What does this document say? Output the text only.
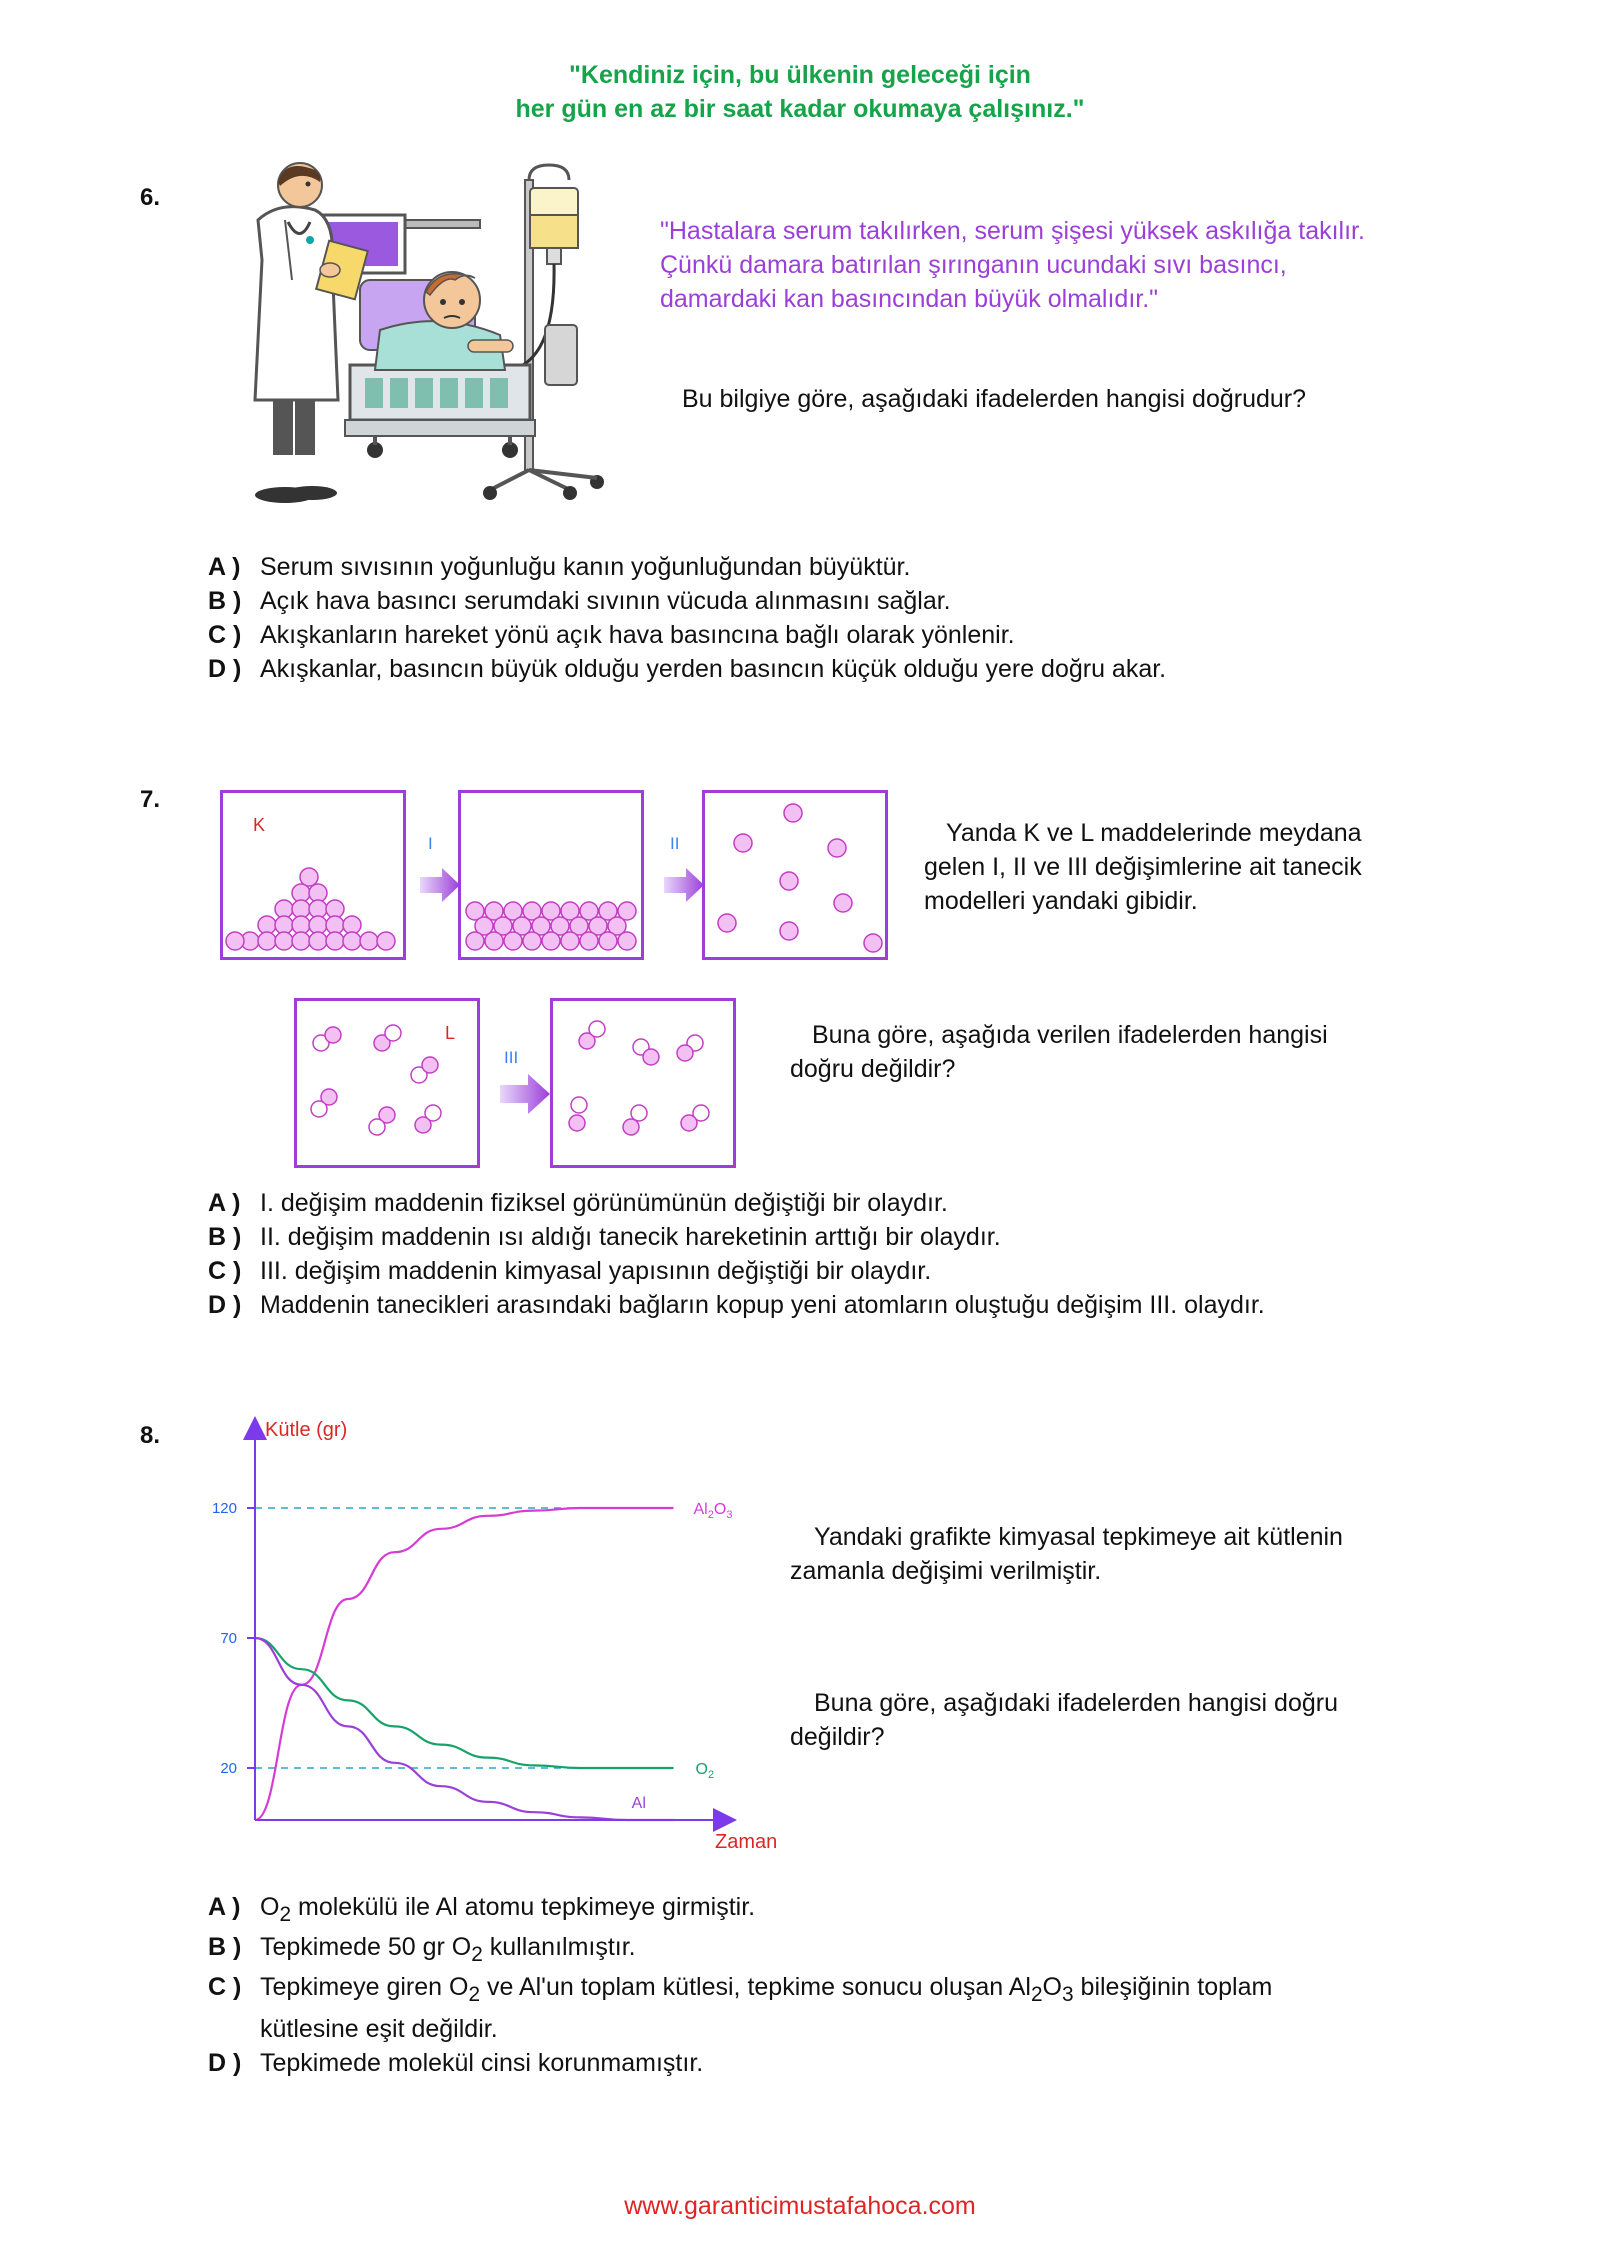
"Kendiniz için, bu ülkenin geleceği için
her gün en az bir saat kadar okumaya çalışınız."
6.
"Hastalara serum takılırken, serum şişesi yüksek askılığa takılır.
Çünkü damara batırılan şırınganın ucundaki sıvı basıncı,
damardaki kan basıncından büyük olmalıdır."
Bu bilgiye göre, aşağıdaki ifadelerden hangisi doğrudur?
A ) Serum sıvısının yoğunluğu kanın yoğunluğundan büyüktür.
B ) Açık hava basıncı serumdaki sıvının vücuda alınmasını sağlar.
C ) Akışkanların hareket yönü açık hava basıncına bağlı olarak yönlenir.
D ) Akışkanlar, basıncın büyük olduğu yerden basıncın küçük olduğu yere doğru akar.
7.
K
I	II	Yanda K ve L maddelerinde meydana
gelen I, II ve III değişimlerine ait tanecik
modelleri yandaki gibidir.
L
III
Buna göre, aşağıda verilen ifadelerden hangisi
doğru değildir?
A ) I. değişim maddenin fiziksel görünümünün değiştiği bir olaydır.
B ) II. değişim maddenin ısı aldığı tanecik hareketinin arttığı bir olaydır.
C ) III. değişim maddenin kimyasal yapısının değiştiği bir olaydır.
D ) Maddenin tanecikleri arasındaki bağların kopup yeni atomların oluştuğu değişim III. olaydır.
8.	Kütle (gr)
Zaman
20
70
120	$Al_2O_3$
$O_2$
Al
Yandaki grafikte kimyasal tepkimeye ait kütlenin
zamanla değişimi verilmiştir.
Buna göre, aşağıdaki ifadelerden hangisi doğru
değildir?
A ) $O_2$ molekülü ile Al atomu tepkimeye girmiştir.
B ) Tepkimede 50 gr $O_2$ kullanılmıştır.
C ) Tepkimeye giren $O_2$ ve Al'un toplam kütlesi, tepkime sonucu oluşan $Al_2O_3$ bileşiğinin toplam
kütlesine eşit değildir.
D ) Tepkimede molekül cinsi korunmamıştır.
www.garanticimustafahoca.com
